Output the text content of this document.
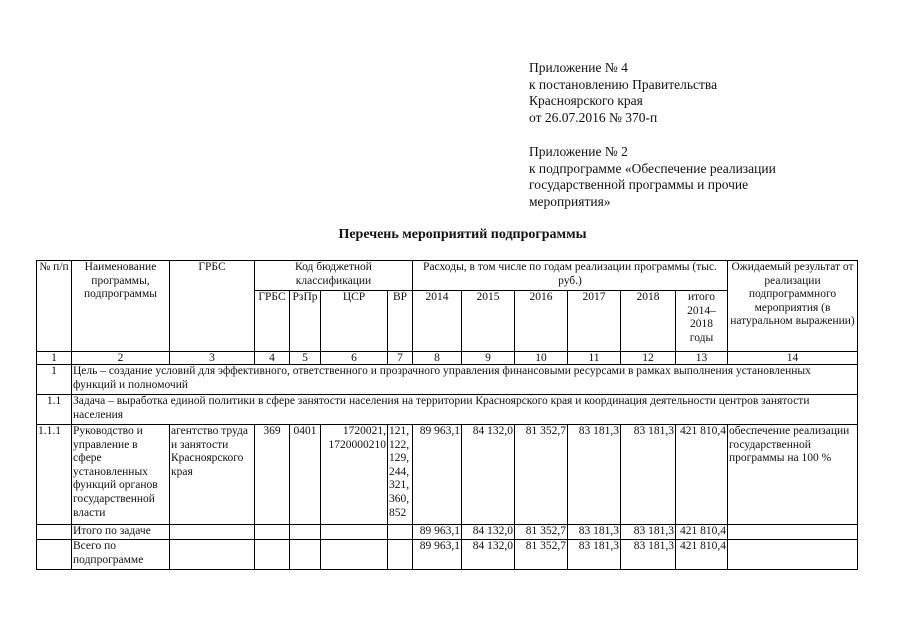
Приложение № 4
к постановлению Правительства
Красноярского края
от 26.07.2016 № 370-п
Приложение № 2
к подпрограмме «Обеспечение реализации
государственной программы и прочие
мероприятия»
Перечень мероприятий подпрограммы
№ п/п	Наименование программы, подпрограммы	ГРБС	Код бюджетной классификации				Расходы, в том числе по годам реализации программы (тыс. руб.)						Ожидаемый результат от реализации подпрограммного мероприятия (в натуральном выражении)
			ГРБС	РзПр	ЦСР	ВР	2014	2015	2016	2017	2018	итого 2014–2018 годы	
1	2	3	4	5	6	7	8	9	10	11	12	13	14
1	Цель – создание условий для эффективного, ответственного и прозрачного управления финансовыми ресурсами в рамках выполнения установленных функций и полномочий												
1.1	Задача – выработка единой политики в сфере занятости населения на территории Красноярского края и координация деятельности центров занятости населения												
1.1.1	Руководство и управление в сфере установленных функций органов государственной власти	агентство труда и занятости Красноярского края	369	0401	1720021, 1720000210	121, 122, 129, 244, 321, 360, 852	89 963,1	84 132,0	81 352,7	83 181,3	83 181,3	421 810,4	обеспечение реализации государственной программы на 100 %
	Итого по задаче						89 963,1	84 132,0	81 352,7	83 181,3	83 181,3	421 810,4	
	Всего по подпрограмме						89 963,1	84 132,0	81 352,7	83 181,3	83 181,3	421 810,4	
